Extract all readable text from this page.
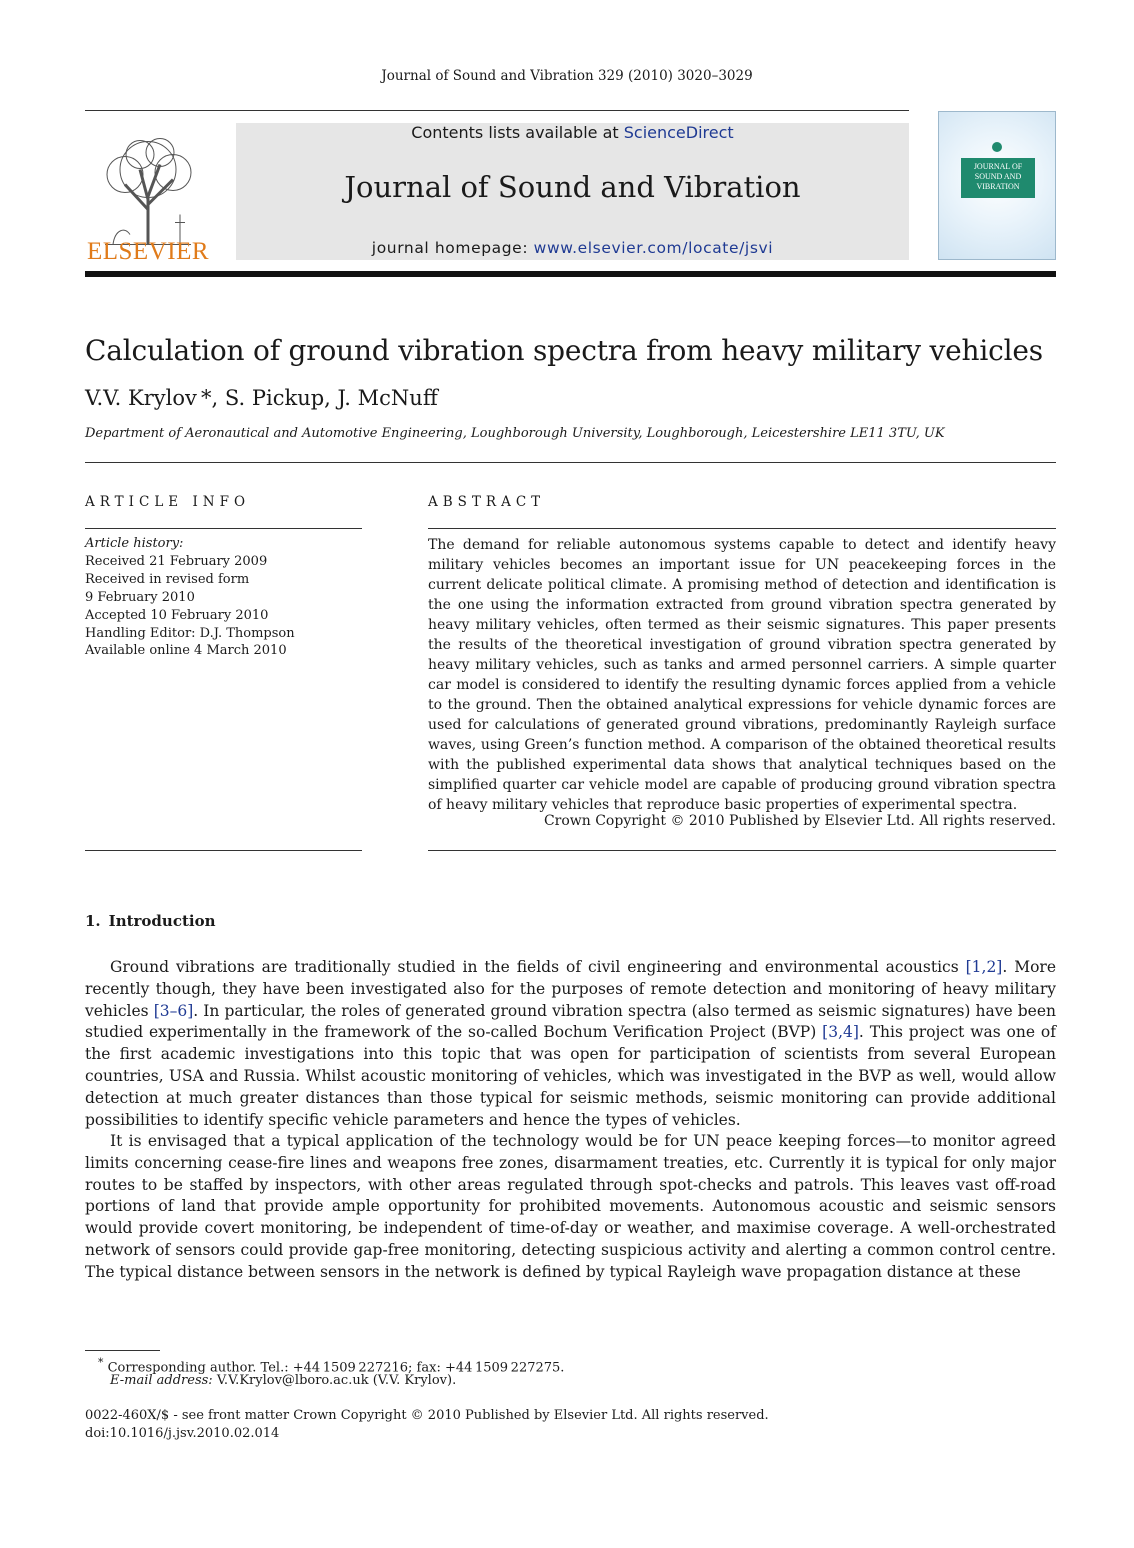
Journal of Sound and Vibration 329 (2010) 3020–3029
ELSEVIER
Contents lists available at ScienceDirect
Journal of Sound and Vibration
journal homepage: www.elsevier.com/locate/jsvi
JOURNAL OF SOUND AND VIBRATION
Calculation of ground vibration spectra from heavy military vehicles
V.V. Krylov *, S. Pickup, J. McNuff
Department of Aeronautical and Automotive Engineering, Loughborough University, Loughborough, Leicestershire LE11 3TU, UK
ARTICLE INFO	ABSTRACT
Article history:
Received 21 February 2009
Received in revised form
9 February 2010
Accepted 10 February 2010
Handling Editor: D.J. Thompson
Available online 4 March 2010
The demand for reliable autonomous systems capable to detect and identify heavy military vehicles becomes an important issue for UN peacekeeping forces in the current delicate political climate. A promising method of detection and identification is the one using the information extracted from ground vibration spectra generated by heavy military vehicles, often termed as their seismic signatures. This paper presents the results of the theoretical investigation of ground vibration spectra generated by heavy military vehicles, such as tanks and armed personnel carriers. A simple quarter car model is considered to identify the resulting dynamic forces applied from a vehicle to the ground. Then the obtained analytical expressions for vehicle dynamic forces are used for calculations of generated ground vibrations, predominantly Rayleigh surface waves, using Green’s function method. A comparison of the obtained theoretical results with the published experimental data shows that analytical techniques based on the simplified quarter car vehicle model are capable of producing ground vibration spectra of heavy military vehicles that reproduce basic properties of experimental spectra.
Crown Copyright © 2010 Published by Elsevier Ltd. All rights reserved.
1. Introduction
Ground vibrations are traditionally studied in the fields of civil engineering and environmental acoustics [1,2]. More recently though, they have been investigated also for the purposes of remote detection and monitoring of heavy military vehicles [3–6]. In particular, the roles of generated ground vibration spectra (also termed as seismic signatures) have been studied experimentally in the framework of the so-called Bochum Verification Project (BVP) [3,4]. This project was one of the first academic investigations into this topic that was open for participation of scientists from several European countries, USA and Russia. Whilst acoustic monitoring of vehicles, which was investigated in the BVP as well, would allow detection at much greater distances than those typical for seismic methods, seismic monitoring can provide additional possibilities to identify specific vehicle parameters and hence the types of vehicles.
It is envisaged that a typical application of the technology would be for UN peace keeping forces—to monitor agreed limits concerning cease-fire lines and weapons free zones, disarmament treaties, etc. Currently it is typical for only major routes to be staffed by inspectors, with other areas regulated through spot-checks and patrols. This leaves vast off-road portions of land that provide ample opportunity for prohibited movements. Autonomous acoustic and seismic sensors would provide covert monitoring, be independent of time-of-day or weather, and maximise coverage. A well-orchestrated network of sensors could provide gap-free monitoring, detecting suspicious activity and alerting a common control centre. The typical distance between sensors in the network is defined by typical Rayleigh wave propagation distance at these
* Corresponding author. Tel.: +44 1509 227216; fax: +44 1509 227275.
E-mail address: V.V.Krylov@lboro.ac.uk (V.V. Krylov).
0022-460X/$ - see front matter Crown Copyright © 2010 Published by Elsevier Ltd. All rights reserved.
doi:10.1016/j.jsv.2010.02.014
